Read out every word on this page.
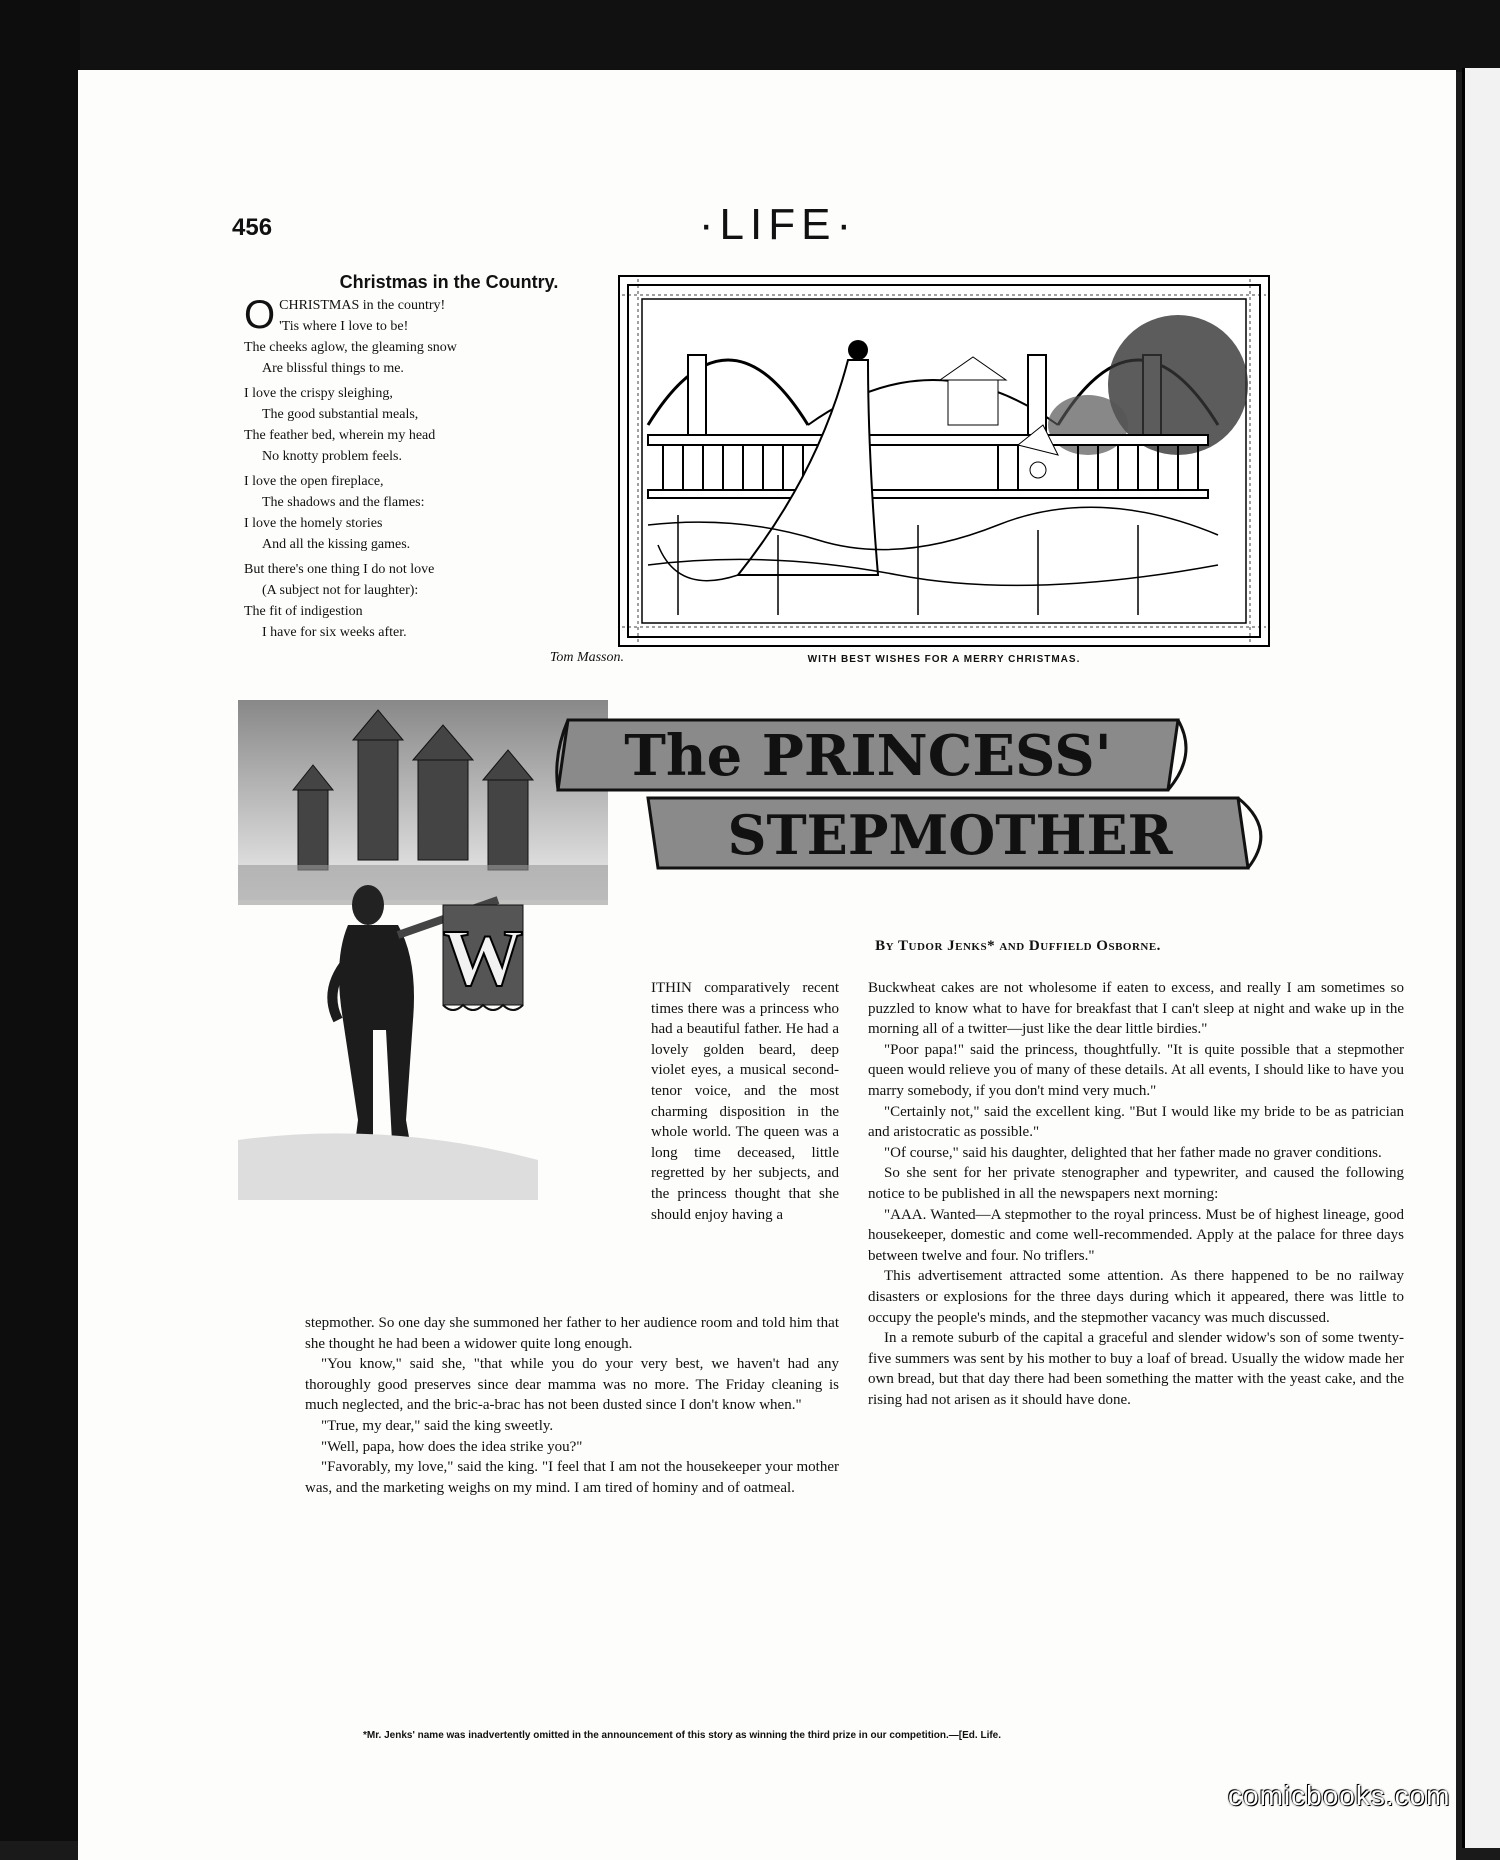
456	·LIFE·
Christmas in the Country.
O CHRISTMAS in the country!
'Tis where I love to be!
The cheeks aglow, the gleaming snow
Are blissful things to me.
I love the crispy sleighing,
The good substantial meals,
The feather bed, wherein my head
No knotty problem feels.
I love the open fireplace,
The shadows and the flames:
I love the homely stories
And all the kissing games.
But there's one thing I do not love
(A subject not for laughter):
The fit of indigestion
I have for six weeks after.
Tom Masson.	WITH BEST WISHES FOR A MERRY CHRISTMAS.
W
The PRINCESS'
STEPMOTHER
By Tudor Jenks* and Duffield Osborne.

ITHIN comparatively recent times there was a princess who had a beautiful father. He had a lovely golden beard, deep violet eyes, a musical second-tenor voice, and the most charming disposition in the whole world. The queen was a long time deceased, little regretted by her subjects, and the princess thought that she should enjoy having a

stepmother. So one day she summoned her father to her audience room and told him that she thought he had been a widower quite long enough.

"You know," said she, "that while you do your very best, we haven't had any thoroughly good preserves since dear mamma was no more. The Friday cleaning is much neglected, and the bric-a-brac has not been dusted since I don't know when."

"True, my dear," said the king sweetly.

"Well, papa, how does the idea strike you?"

"Favorably, my love," said the king. "I feel that I am not the housekeeper your mother was, and the marketing weighs on my mind. I am tired of hominy and of oatmeal.

Buckwheat cakes are not wholesome if eaten to excess, and really I am sometimes so puzzled to know what to have for breakfast that I can't sleep at night and wake up in the morning all of a twitter—just like the dear little birdies."

"Poor papa!" said the princess, thoughtfully. "It is quite possible that a stepmother queen would relieve you of many of these details. At all events, I should like to have you marry somebody, if you don't mind very much."

"Certainly not," said the excellent king. "But I would like my bride to be as patrician and aristocratic as possible."

"Of course," said his daughter, delighted that her father made no graver conditions.

So she sent for her private stenographer and typewriter, and caused the following notice to be published in all the newspapers next morning:

"AAA. Wanted—A stepmother to the royal princess. Must be of highest lineage, good housekeeper, domestic and come well-recommended. Apply at the palace for three days between twelve and four. No triflers."

This advertisement attracted some attention. As there happened to be no railway disasters or explosions for the three days during which it appeared, there was little to occupy the people's minds, and the stepmother vacancy was much discussed.

In a remote suburb of the capital a graceful and slender widow's son of some twenty-five summers was sent by his mother to buy a loaf of bread. Usually the widow made her own bread, but that day there had been something the matter with the yeast cake, and the rising had not arisen as it should have done.

*Mr. Jenks' name was inadvertently omitted in the announcement of this story as winning the third prize in our competition.—[Ed. Life.
comicbooks.com
